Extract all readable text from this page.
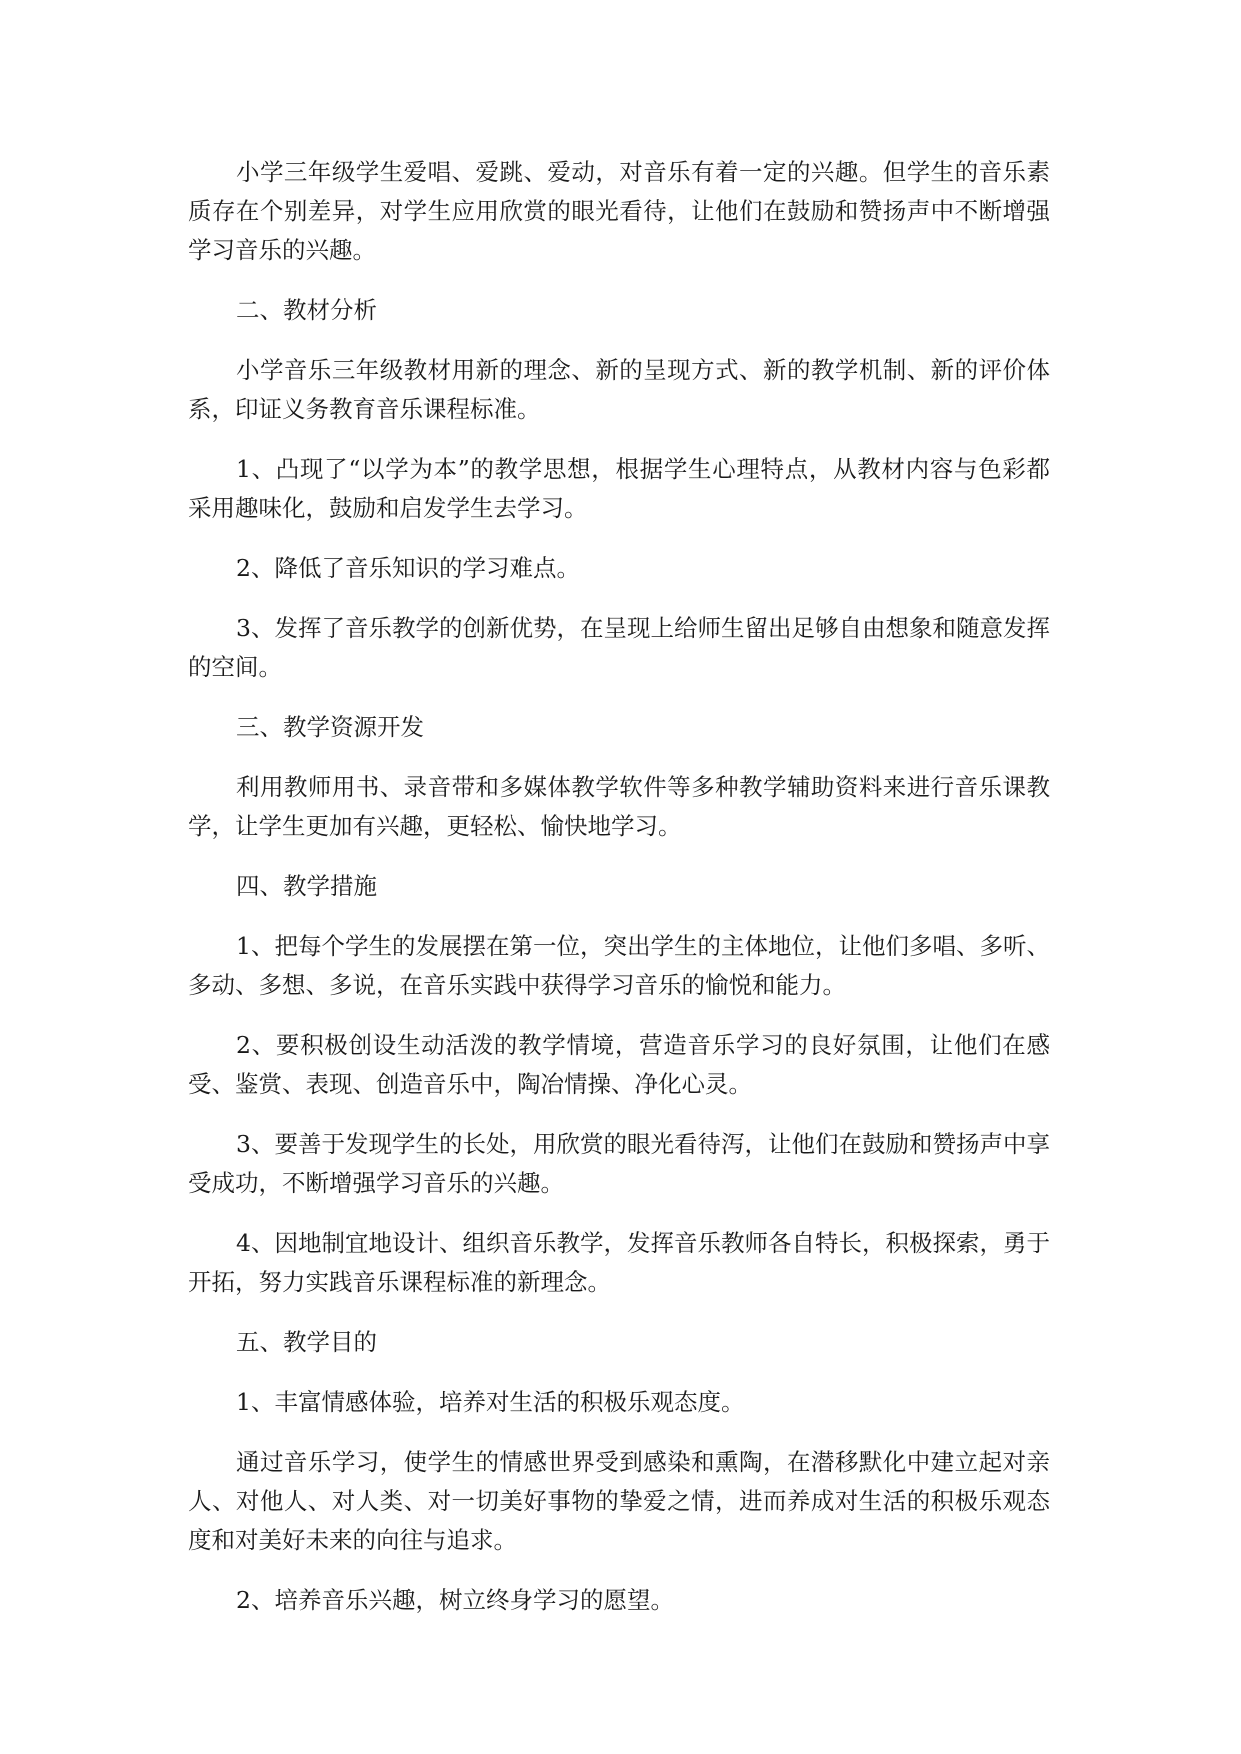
小学三年级学生爱唱、爱跳、爱动，对音乐有着一定的兴趣。但学生的音乐素质存在个别差异，对学生应用欣赏的眼光看待，让他们在鼓励和赞扬声中不断增强学习音乐的兴趣。

二、教材分析

小学音乐三年级教材用新的理念、新的呈现方式、新的教学机制、新的评价体系，印证义务教育音乐课程标准。

1、凸现了“以学为本”的教学思想，根据学生心理特点，从教材内容与色彩都采用趣味化，鼓励和启发学生去学习。

2、降低了音乐知识的学习难点。

3、发挥了音乐教学的创新优势，在呈现上给师生留出足够自由想象和随意发挥的空间。

三、教学资源开发

利用教师用书、录音带和多媒体教学软件等多种教学辅助资料来进行音乐课教学，让学生更加有兴趣，更轻松、愉快地学习。

四、教学措施

1、把每个学生的发展摆在第一位，突出学生的主体地位，让他们多唱、多听、多动、多想、多说，在音乐实践中获得学习音乐的愉悦和能力。

2、要积极创设生动活泼的教学情境，营造音乐学习的良好氛围，让他们在感受、鉴赏、表现、创造音乐中，陶冶情操、净化心灵。

3、要善于发现学生的长处，用欣赏的眼光看待泻，让他们在鼓励和赞扬声中享受成功，不断增强学习音乐的兴趣。

4、因地制宜地设计、组织音乐教学，发挥音乐教师各自特长，积极探索，勇于开拓，努力实践音乐课程标准的新理念。

五、教学目的

1、丰富情感体验，培养对生活的积极乐观态度。

通过音乐学习，使学生的情感世界受到感染和熏陶，在潜移默化中建立起对亲人、对他人、对人类、对一切美好事物的挚爱之情，进而养成对生活的积极乐观态度和对美好未来的向往与追求。

2、培养音乐兴趣，树立终身学习的愿望。
